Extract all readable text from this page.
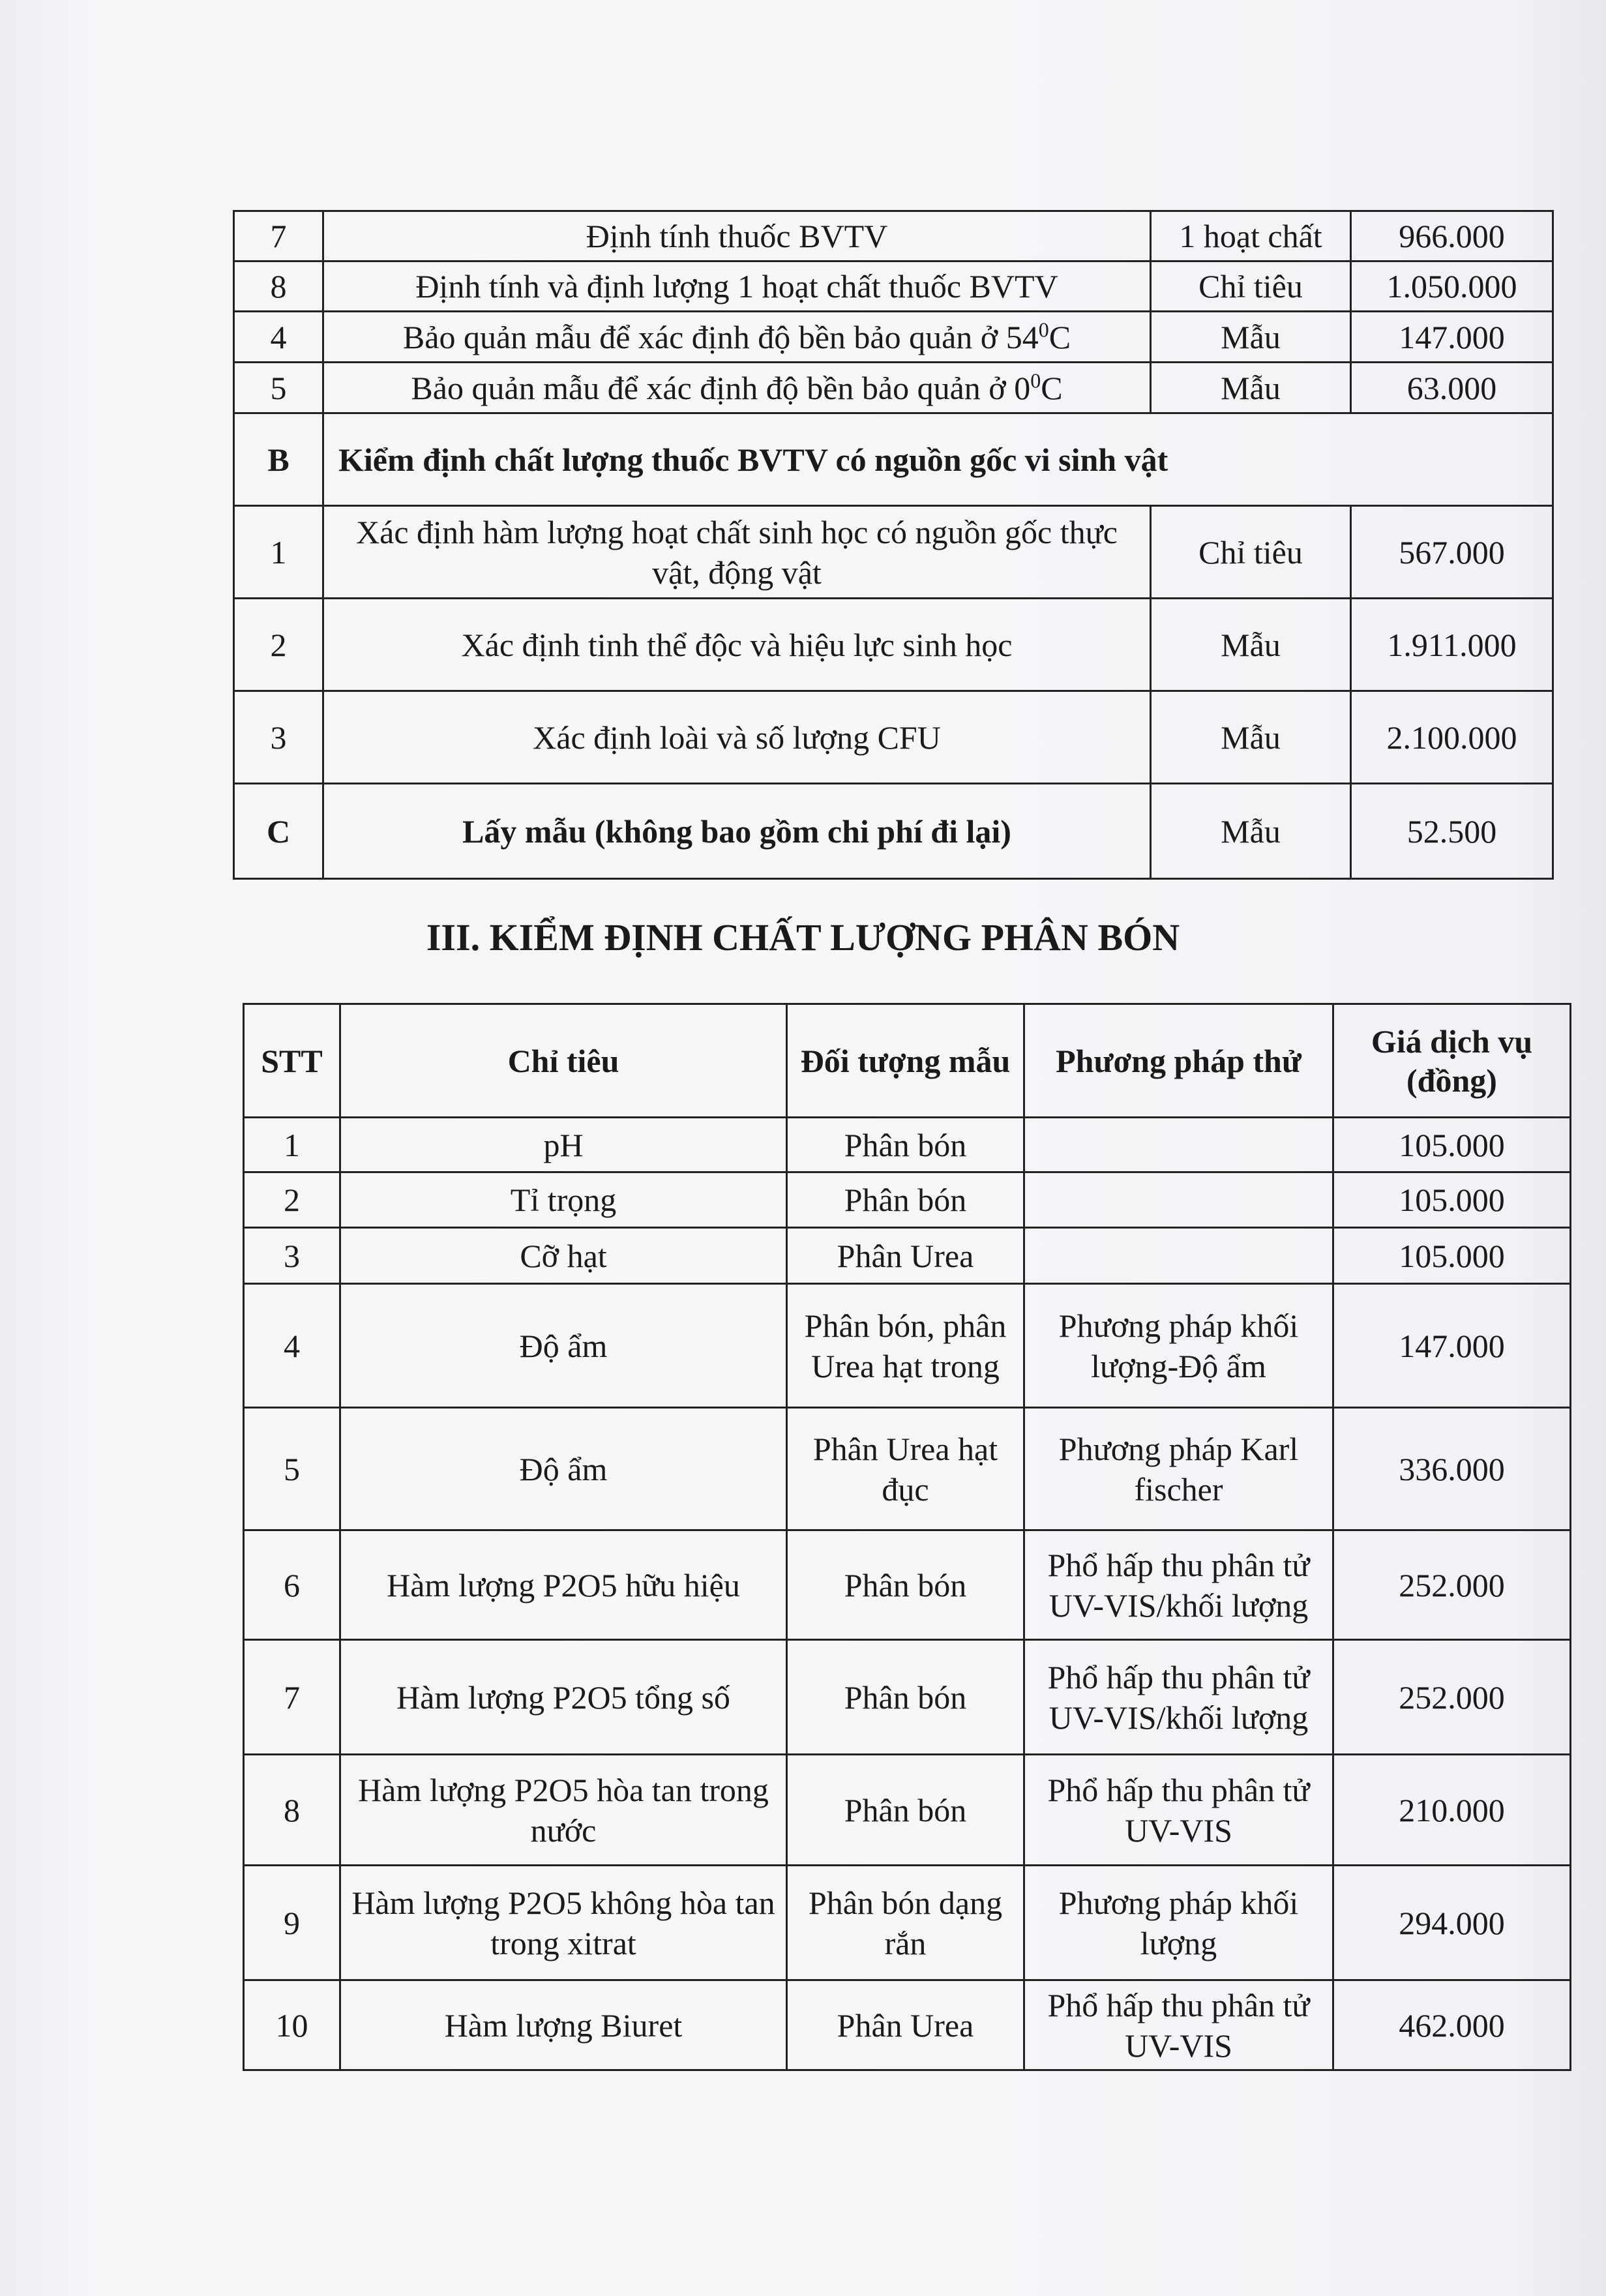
7	Định tính thuốc BVTV	1 hoạt chất	966.000
8	Định tính và định lượng 1 hoạt chất thuốc BVTV	Chỉ tiêu	1.050.000
4	Bảo quản mẫu để xác định độ bền bảo quản ở $54^0C$	Mẫu	147.000
5	Bảo quản mẫu để xác định độ bền bảo quản ở $0^0C$	Mẫu	63.000
B	Kiểm định chất lượng thuốc BVTV có nguồn gốc vi sinh vật		
1	Xác định hàm lượng hoạt chất sinh học có nguồn gốc thực vật, động vật	Chỉ tiêu	567.000
2	Xác định tinh thể độc và hiệu lực sinh học	Mẫu	1.911.000
3	Xác định loài và số lượng CFU	Mẫu	2.100.000
C	Lấy mẫu (không bao gồm chi phí đi lại)	Mẫu	52.500
III. KIỂM ĐỊNH CHẤT LƯỢNG PHÂN BÓN
STT	Chỉ tiêu	Đối tượng mẫu	Phương pháp thử	Giá dịch vụ (đồng)
1	pH	Phân bón		105.000
2	Tỉ trọng	Phân bón		105.000
3	Cỡ hạt	Phân Urea		105.000
4	Độ ẩm	Phân bón, phân Urea hạt trong	Phương pháp khối lượng-Độ ẩm	147.000
5	Độ ẩm	Phân Urea hạt đục	Phương pháp Karl fischer	336.000
6	Hàm lượng P2O5 hữu hiệu	Phân bón	Phổ hấp thu phân tử UV-VIS/khối lượng	252.000
7	Hàm lượng P2O5 tổng số	Phân bón	Phổ hấp thu phân tử UV-VIS/khối lượng	252.000
8	Hàm lượng P2O5 hòa tan trong nước	Phân bón	Phổ hấp thu phân tử UV-VIS	210.000
9	Hàm lượng P2O5 không hòa tan trong xitrat	Phân bón dạng rắn	Phương pháp khối lượng	294.000
10	Hàm lượng Biuret	Phân Urea	Phổ hấp thu phân tử UV-VIS	462.000
